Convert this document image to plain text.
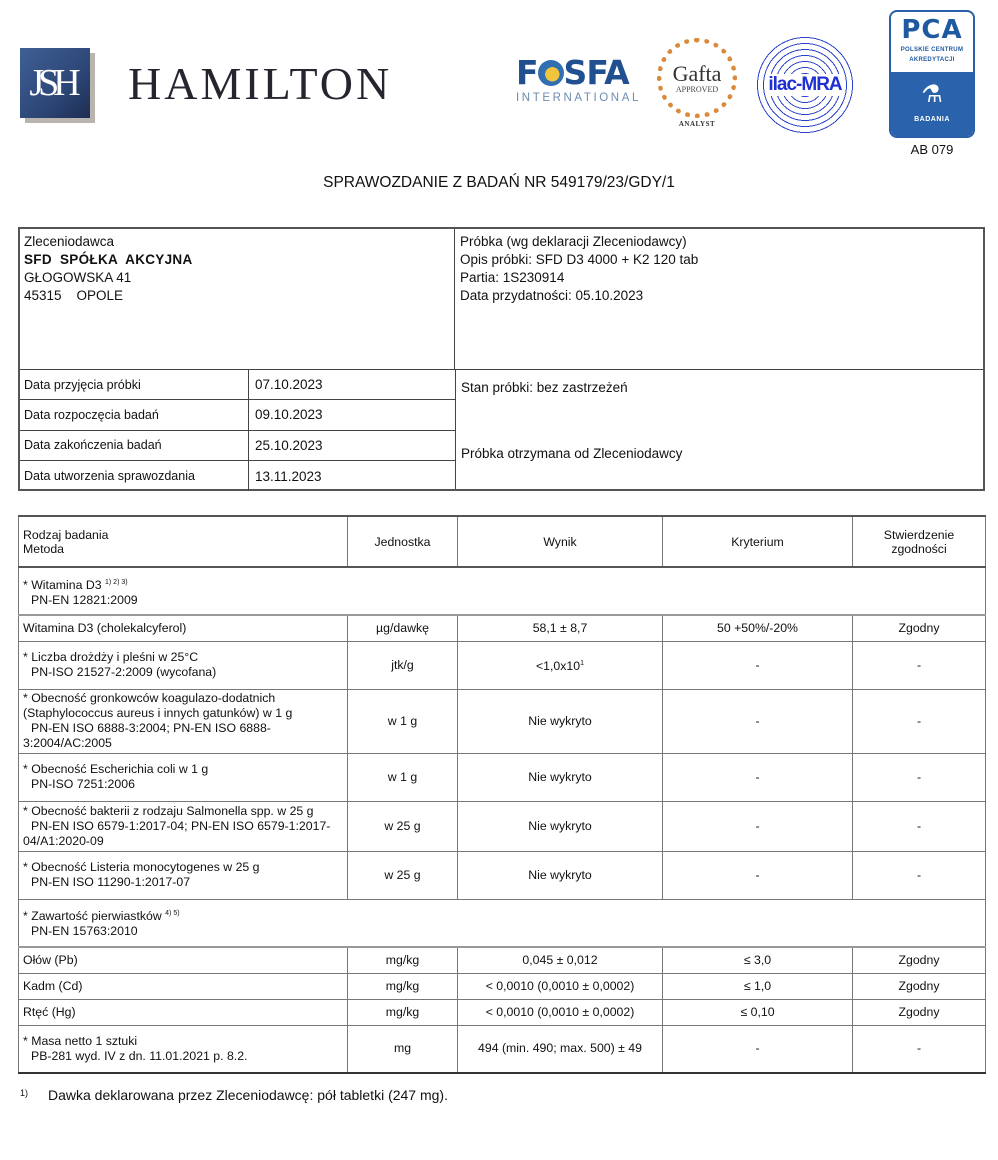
JSH	HAMILTON	F SFA
INTERNATIONAL
Gafta
APPROVED
ANALYST
ilac-MRA
PCA
POLSKIE CENTRUM
AKREDYTACJI
⚗
BADANIA
AB 079
SPRAWOZDANIE Z BADAŃ NR 549179/23/GDY/1
Zleceniodawca
SFD  SPÓŁKA  AKCYJNA
GŁOGOWSKA 41
45315    OPOLE
Próbka (wg deklaracji Zleceniodawcy)
Opis próbki: SFD D3 4000 + K2 120 tab
Partia: 1S230914
Data przydatności: 05.10.2023
Data przyjęcia próbki	07.10.2023
Data rozpoczęcia badań	09.10.2023
Data zakończenia badań	25.10.2023
Data utworzenia sprawozdania	13.11.2023
Stan próbki: bez zastrzeżeń
Próbka otrzymana od Zleceniodawcy
Rodzaj badania
Metoda	Jednostka	Wynik	Kryterium	Stwierdzenie
zgodności

* Witamina D3 $^{1) 2) 3)}$
PN-EN 12821:2009				

Witamina D3 (cholekalcyferol)	µg/dawkę	58,1 ± 8,7	50 +50%/-20%	Zgodny

* Liczba drożdży i pleśni w 25°C
PN-ISO 21527-2:2009 (wycofana)	jtk/g	$<1,0x10^1$	-	-

* Obecność gronkowców koagulazo-dodatnich (Staphylococcus aureus i innych gatunków) w 1 g
PN-EN ISO 6888-3:2004; PN-EN ISO 6888-3:2004/AC:2005	w 1 g	Nie wykryto	-	-

* Obecność Escherichia coli w 1 g
PN-ISO 7251:2006	w 1 g	Nie wykryto	-	-

* Obecność bakterii z rodzaju Salmonella spp. w 25 g
PN-EN ISO 6579-1:2017-04; PN-EN ISO 6579-1:2017-04/A1:2020-09	w 25 g	Nie wykryto	-	-

* Obecność Listeria monocytogenes w 25 g
PN-EN ISO 11290-1:2017-07	w 25 g	Nie wykryto	-	-

* Zawartość pierwiastków $^{4) 5)}$
PN-EN 15763:2010				

Ołów (Pb)	mg/kg	0,045 ± 0,012	≤ 3,0	Zgodny
Kadm (Cd)	mg/kg	< 0,0010 (0,0010 ± 0,0002)	≤ 1,0	Zgodny
Rtęć (Hg)	mg/kg	< 0,0010 (0,0010 ± 0,0002)	≤ 0,10	Zgodny

* Masa netto 1 sztuki
PB-281 wyd. IV z dn. 11.01.2021 p. 8.2.	mg	494 (min. 490; max. 500) ± 49	-	-
1)	Dawka deklarowana przez Zleceniodawcę: pół tabletki (247 mg).
